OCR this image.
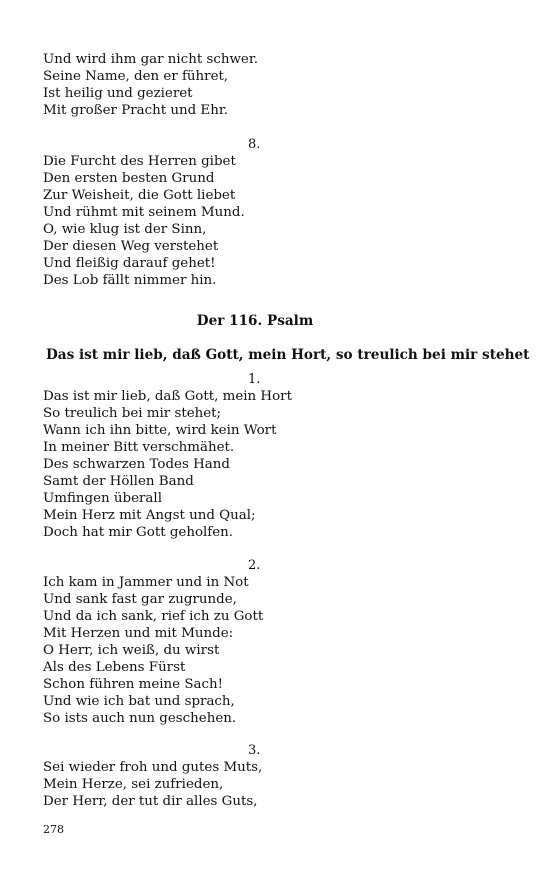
Und wird ihm gar nicht schwer.
Seine Name, den er führet,
Ist heilig und gezieret
Mit großer Pracht und Ehr.
8.
Die Furcht des Herren gibet
Den ersten besten Grund
Zur Weisheit, die Gott liebet
Und rühmt mit seinem Mund.
O, wie klug ist der Sinn,
Der diesen Weg verstehet
Und fleißig darauf gehet!
Des Lob fällt nimmer hin.
Der 116. Psalm
Das ist mir lieb, daß Gott, mein Hort, so treulich bei mir stehet
1.
Das ist mir lieb, daß Gott, mein Hort
So treulich bei mir stehet;
Wann ich ihn bitte, wird kein Wort
In meiner Bitt verschmähet.
Des schwarzen Todes Hand
Samt der Höllen Band
Umfingen überall
Mein Herz mit Angst und Qual;
Doch hat mir Gott geholfen.
2.
Ich kam in Jammer und in Not
Und sank fast gar zugrunde,
Und da ich sank, rief ich zu Gott
Mit Herzen und mit Munde:
O Herr, ich weiß, du wirst
Als des Lebens Fürst
Schon führen meine Sach!
Und wie ich bat und sprach,
So ists auch nun geschehen.
3.
Sei wieder froh und gutes Muts,
Mein Herze, sei zufrieden,
Der Herr, der tut dir alles Guts,
278
